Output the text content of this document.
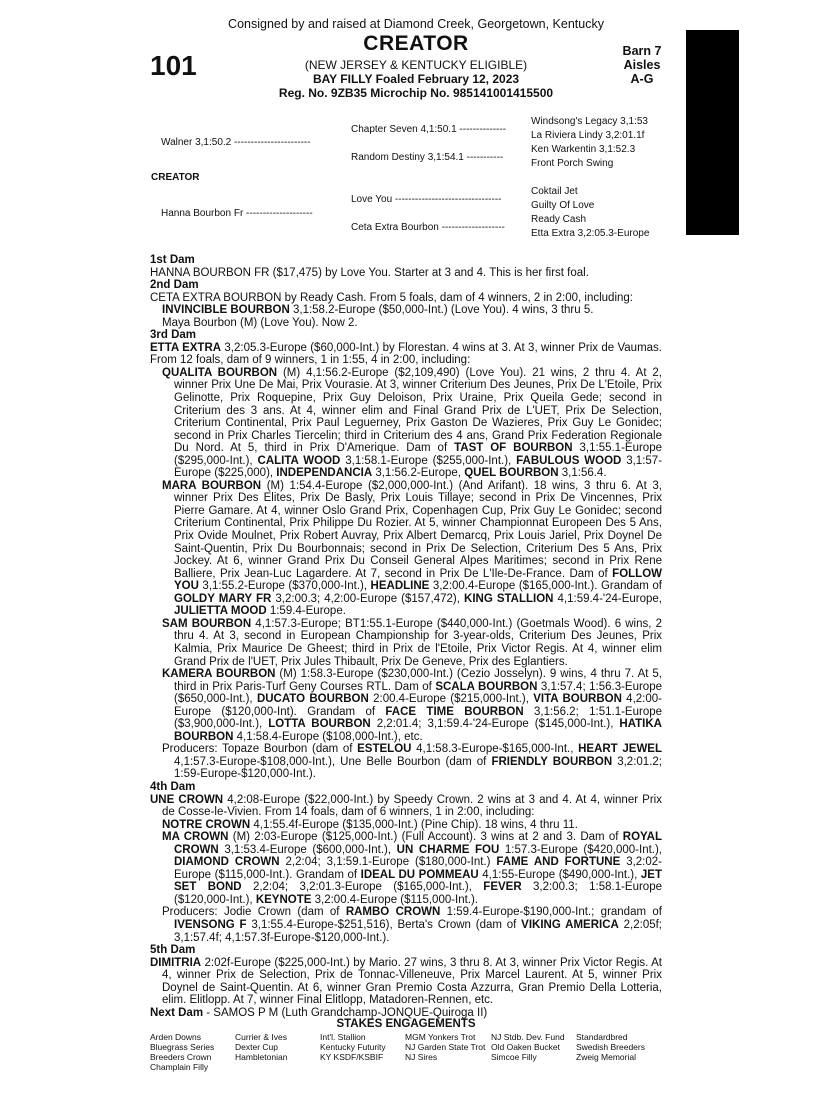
Consigned by and raised at Diamond Creek, Georgetown, Kentucky
CREATOR
101	Barn 7
Aisles
A-G
(NEW JERSEY & KENTUCKY ELIGIBLE)
BAY FILLY Foaled February 12, 2023
Reg. No. 9ZB35 Microchip No. 985141001415500
Walner 3,1:50.2 -----------------------
CREATOR
Hanna Bourbon Fr --------------------
Chapter Seven 4,1:50.1 --------------
Random Destiny 3,1:54.1 -----------
Love You --------------------------------
Ceta Extra Bourbon -------------------
Windsong's Legacy 3,1:53
La Riviera Lindy 3,2:01.1f
Ken Warkentin 3,1:52.3
Front Porch Swing
Coktail Jet
Guilty Of Love
Ready Cash
Etta Extra 3,2:05.3-Europe

1st Dam

HANNA BOURBON FR ($17,475) by Love You. Starter at 3 and 4. This is her first foal.

2nd Dam

CETA EXTRA BOURBON by Ready Cash. From 5 foals, dam of 4 winners, 2 in 2:00, including:

INVINCIBLE BOURBON 3,1:58.2-Europe ($50,000-Int.) (Love You). 4 wins, 3 thru 5.

Maya Bourbon (M) (Love You). Now 2.

3rd Dam

ETTA EXTRA 3,2:05.3-Europe ($60,000-Int.) by Florestan. 4 wins at 3. At 3, winner Prix de Vaumas. From 12 foals, dam of 9 winners, 1 in 1:55, 4 in 2:00, including:

QUALITA BOURBON (M) 4,1:56.2-Europe ($2,109,490) (Love You). 21 wins, 2 thru 4. At 2, winner Prix Une De Mai, Prix Vourasie. At 3, winner Criterium Des Jeunes, Prix De L'Etoile, Prix Gelinotte, Prix Roquepine, Prix Guy Deloison, Prix Uraine, Prix Queila Gede; second in Criterium des 3 ans. At 4, winner elim and Final Grand Prix de L'UET, Prix De Selection, Criterium Continental, Prix Paul Leguerney, Prix Gaston De Wazieres, Prix Guy Le Gonidec; second in Prix Charles Tiercelin; third in Criterium des 4 ans, Grand Prix Federation Regionale Du Nord. At 5, third in Prix D'Amerique. Dam of TAST OF BOURBON 3,1:55.1-Europe ($295,000-Int.), CALITA WOOD 3,1:58.1-Europe ($255,000-Int.), FABULOUS WOOD 3,1:57-Europe ($225,000), INDEPENDANCIA 3,1:56.2-Europe, QUEL BOURBON 3,1:56.4.

MARA BOURBON (M) 1:54.4-Europe ($2,000,000-Int.) (And Arifant). 18 wins, 3 thru 6. At 3, winner Prix Des Elites, Prix De Basly, Prix Louis Tillaye; second in Prix De Vincennes, Prix Pierre Gamare. At 4, winner Oslo Grand Prix, Copenhagen Cup, Prix Guy Le Gonidec; second Criterium Continental, Prix Philippe Du Rozier. At 5, winner Championnat Europeen Des 5 Ans, Prix Ovide Moulnet, Prix Robert Auvray, Prix Albert Demarcq, Prix Louis Jariel, Prix Doynel De Saint-Quentin, Prix Du Bourbonnais; second in Prix De Selection, Criterium Des 5 Ans, Prix Jockey. At 6, winner Grand Prix Du Conseil General Alpes Maritimes; second in Prix Rene Balliere, Prix Jean-Luc Lagardere. At 7, second in Prix De L'Ile-De-France. Dam of FOLLOW YOU 3,1:55.2-Europe ($370,000-Int.), HEADLINE 3,2:00.4-Europe ($165,000-Int.). Grandam of GOLDY MARY FR 3,2:00.3; 4,2:00-Europe ($157,472), KING STALLION 4,1:59.4-'24-Europe, JULIETTA MOOD 1:59.4-Europe.

SAM BOURBON 4,1:57.3-Europe; BT1:55.1-Europe ($440,000-Int.) (Goetmals Wood). 6 wins, 2 thru 4. At 3, second in European Championship for 3-year-olds, Criterium Des Jeunes, Prix Kalmia, Prix Maurice De Gheest; third in Prix de l'Etoile, Prix Victor Regis. At 4, winner elim Grand Prix de l'UET, Prix Jules Thibault, Prix De Geneve, Prix des Eglantiers.

KAMERA BOURBON (M) 1:58.3-Europe ($230,000-Int.) (Cezio Josselyn). 9 wins, 4 thru 7. At 5, third in Prix Paris-Turf Geny Courses RTL. Dam of SCALA BOURBON 3,1:57.4; 1:56.3-Europe ($650,000-Int.), DUCATO BOURBON 2:00.4-Europe ($215,000-Int.), VITA BOURBON 4,2:00-Europe ($120,000-Int). Grandam of FACE TIME BOURBON 3,1:56.2; 1:51.1-Europe ($3,900,000-Int.), LOTTA BOURBON 2,2:01.4; 3,1:59.4-'24-Europe ($145,000-Int.), HATIKA BOURBON 4,1:58.4-Europe ($108,000-Int.), etc.

Producers: Topaze Bourbon (dam of ESTELOU 4,1:58.3-Europe-$165,000-Int., HEART JEWEL 4,1:57.3-Europe-$108,000-Int.), Une Belle Bourbon (dam of FRIENDLY BOURBON 3,2:01.2; 1:59-Europe-$120,000-Int.).

4th Dam

UNE CROWN 4,2:08-Europe ($22,000-Int.) by Speedy Crown. 2 wins at 3 and 4. At 4, winner Prix de Cosse-le-Vivien. From 14 foals, dam of 6 winners, 1 in 2:00, including:

NOTRE CROWN 4,1:55.4f-Europe ($135,000-Int.) (Pine Chip). 18 wins, 4 thru 11.

MA CROWN (M) 2:03-Europe ($125,000-Int.) (Full Account). 3 wins at 2 and 3. Dam of ROYAL CROWN 3,1:53.4-Europe ($600,000-Int.), UN CHARME FOU 1:57.3-Europe ($420,000-Int.), DIAMOND CROWN 2,2:04; 3,1:59.1-Europe ($180,000-Int.) FAME AND FORTUNE 3,2:02-Europe ($115,000-Int.). Grandam of IDEAL DU POMMEAU 4,1:55-Europe ($490,000-Int.), JET SET BOND 2,2:04; 3,2:01.3-Europe ($165,000-Int.), FEVER 3,2:00.3; 1:58.1-Europe ($120,000-Int.), KEYNOTE 3,2:00.4-Europe ($115,000-Int.).

Producers: Jodie Crown (dam of RAMBO CROWN 1:59.4-Europe-$190,000-Int.; grandam of IVENSONG F 3,1:55.4-Europe-$251,516), Berta's Crown (dam of VIKING AMERICA 2,2:05f; 3,1:57.4f; 4,1:57.3f-Europe-$120,000-Int.).

5th Dam

DIMITRIA 2:02f-Europe ($225,000-Int.) by Mario. 27 wins, 3 thru 8. At 3, winner Prix Victor Regis. At 4, winner Prix de Selection, Prix de Tonnac-Villeneuve, Prix Marcel Laurent. At 5, winner Prix Doynel de Saint-Quentin. At 6, winner Gran Premio Costa Azzurra, Gran Premio Della Lotteria, elim. Elitlopp. At 7, winner Final Elitlopp, Matadoren-Rennen, etc.

Next Dam - SAMOS P M (Luth Grandchamp-JONQUE-Quiroga II)

STAKES ENGAGEMENTS
Arden Downs
Bluegrass Series
Breeders Crown
Champlain Filly
Currier & Ives
Dexter Cup
Hambletonian
Int'l. Stallion
Kentucky Futurity
KY KSDF/KSBIF
MGM Yonkers Trot
NJ Garden State Trot
NJ Sires
NJ Stdb. Dev. Fund
Old Oaken Bucket
Simcoe Filly
Standardbred
Swedish Breeders
Zweig Memorial
